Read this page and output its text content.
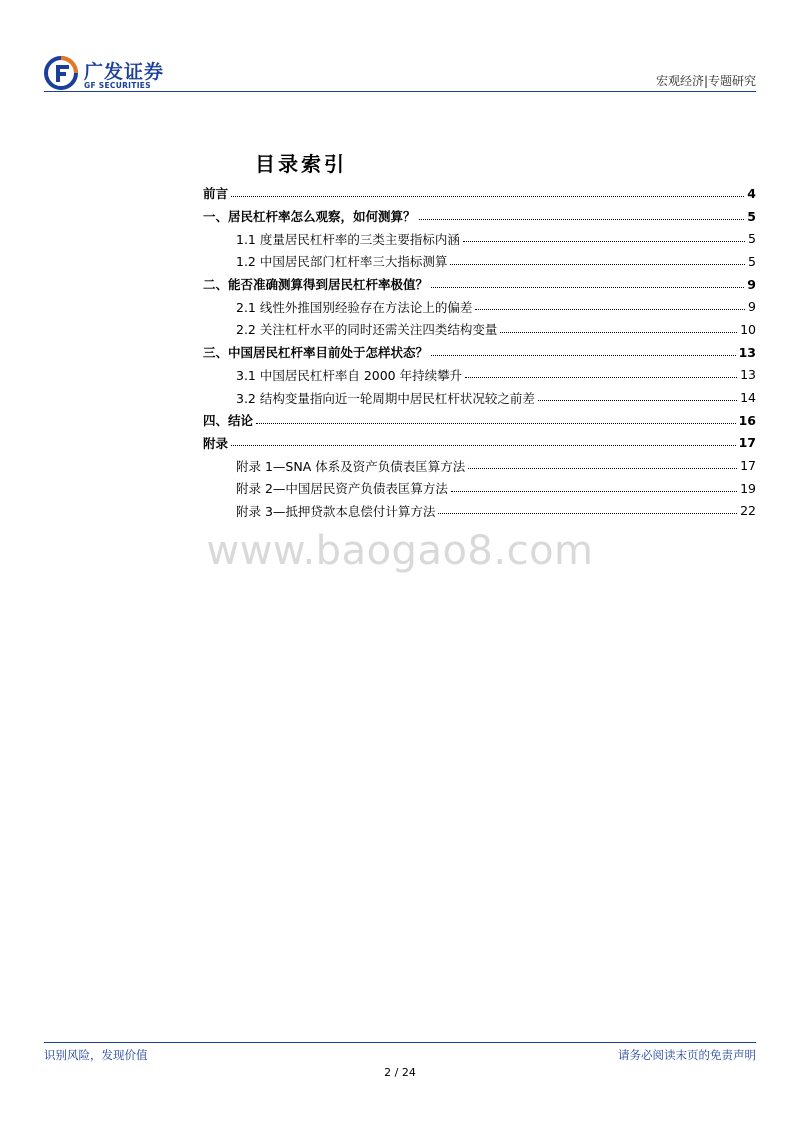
广发证券
GF SECURITIES	宏观经济|专题研究
目录索引
前言	4
一、居民杠杆率怎么观察，如何测算？	5
1.1 度量居民杠杆率的三类主要指标内涵	5
1.2 中国居民部门杠杆率三大指标测算	5
二、能否准确测算得到居民杠杆率极值？	9
2.1 线性外推国别经验存在方法论上的偏差	9
2.2 关注杠杆水平的同时还需关注四类结构变量	10
三、中国居民杠杆率目前处于怎样状态？	13
3.1 中国居民杠杆率自 2000 年持续攀升	13
3.2 结构变量指向近一轮周期中居民杠杆状况较之前差	14
四、结论	16
附录	17
附录 1—SNA 体系及资产负债表匡算方法	17
附录 2—中国居民资产负债表匡算方法	19
附录 3—抵押贷款本息偿付计算方法	22
www.baogao8.com
识别风险，发现价值	请务必阅读末页的免责声明
2 / 24
